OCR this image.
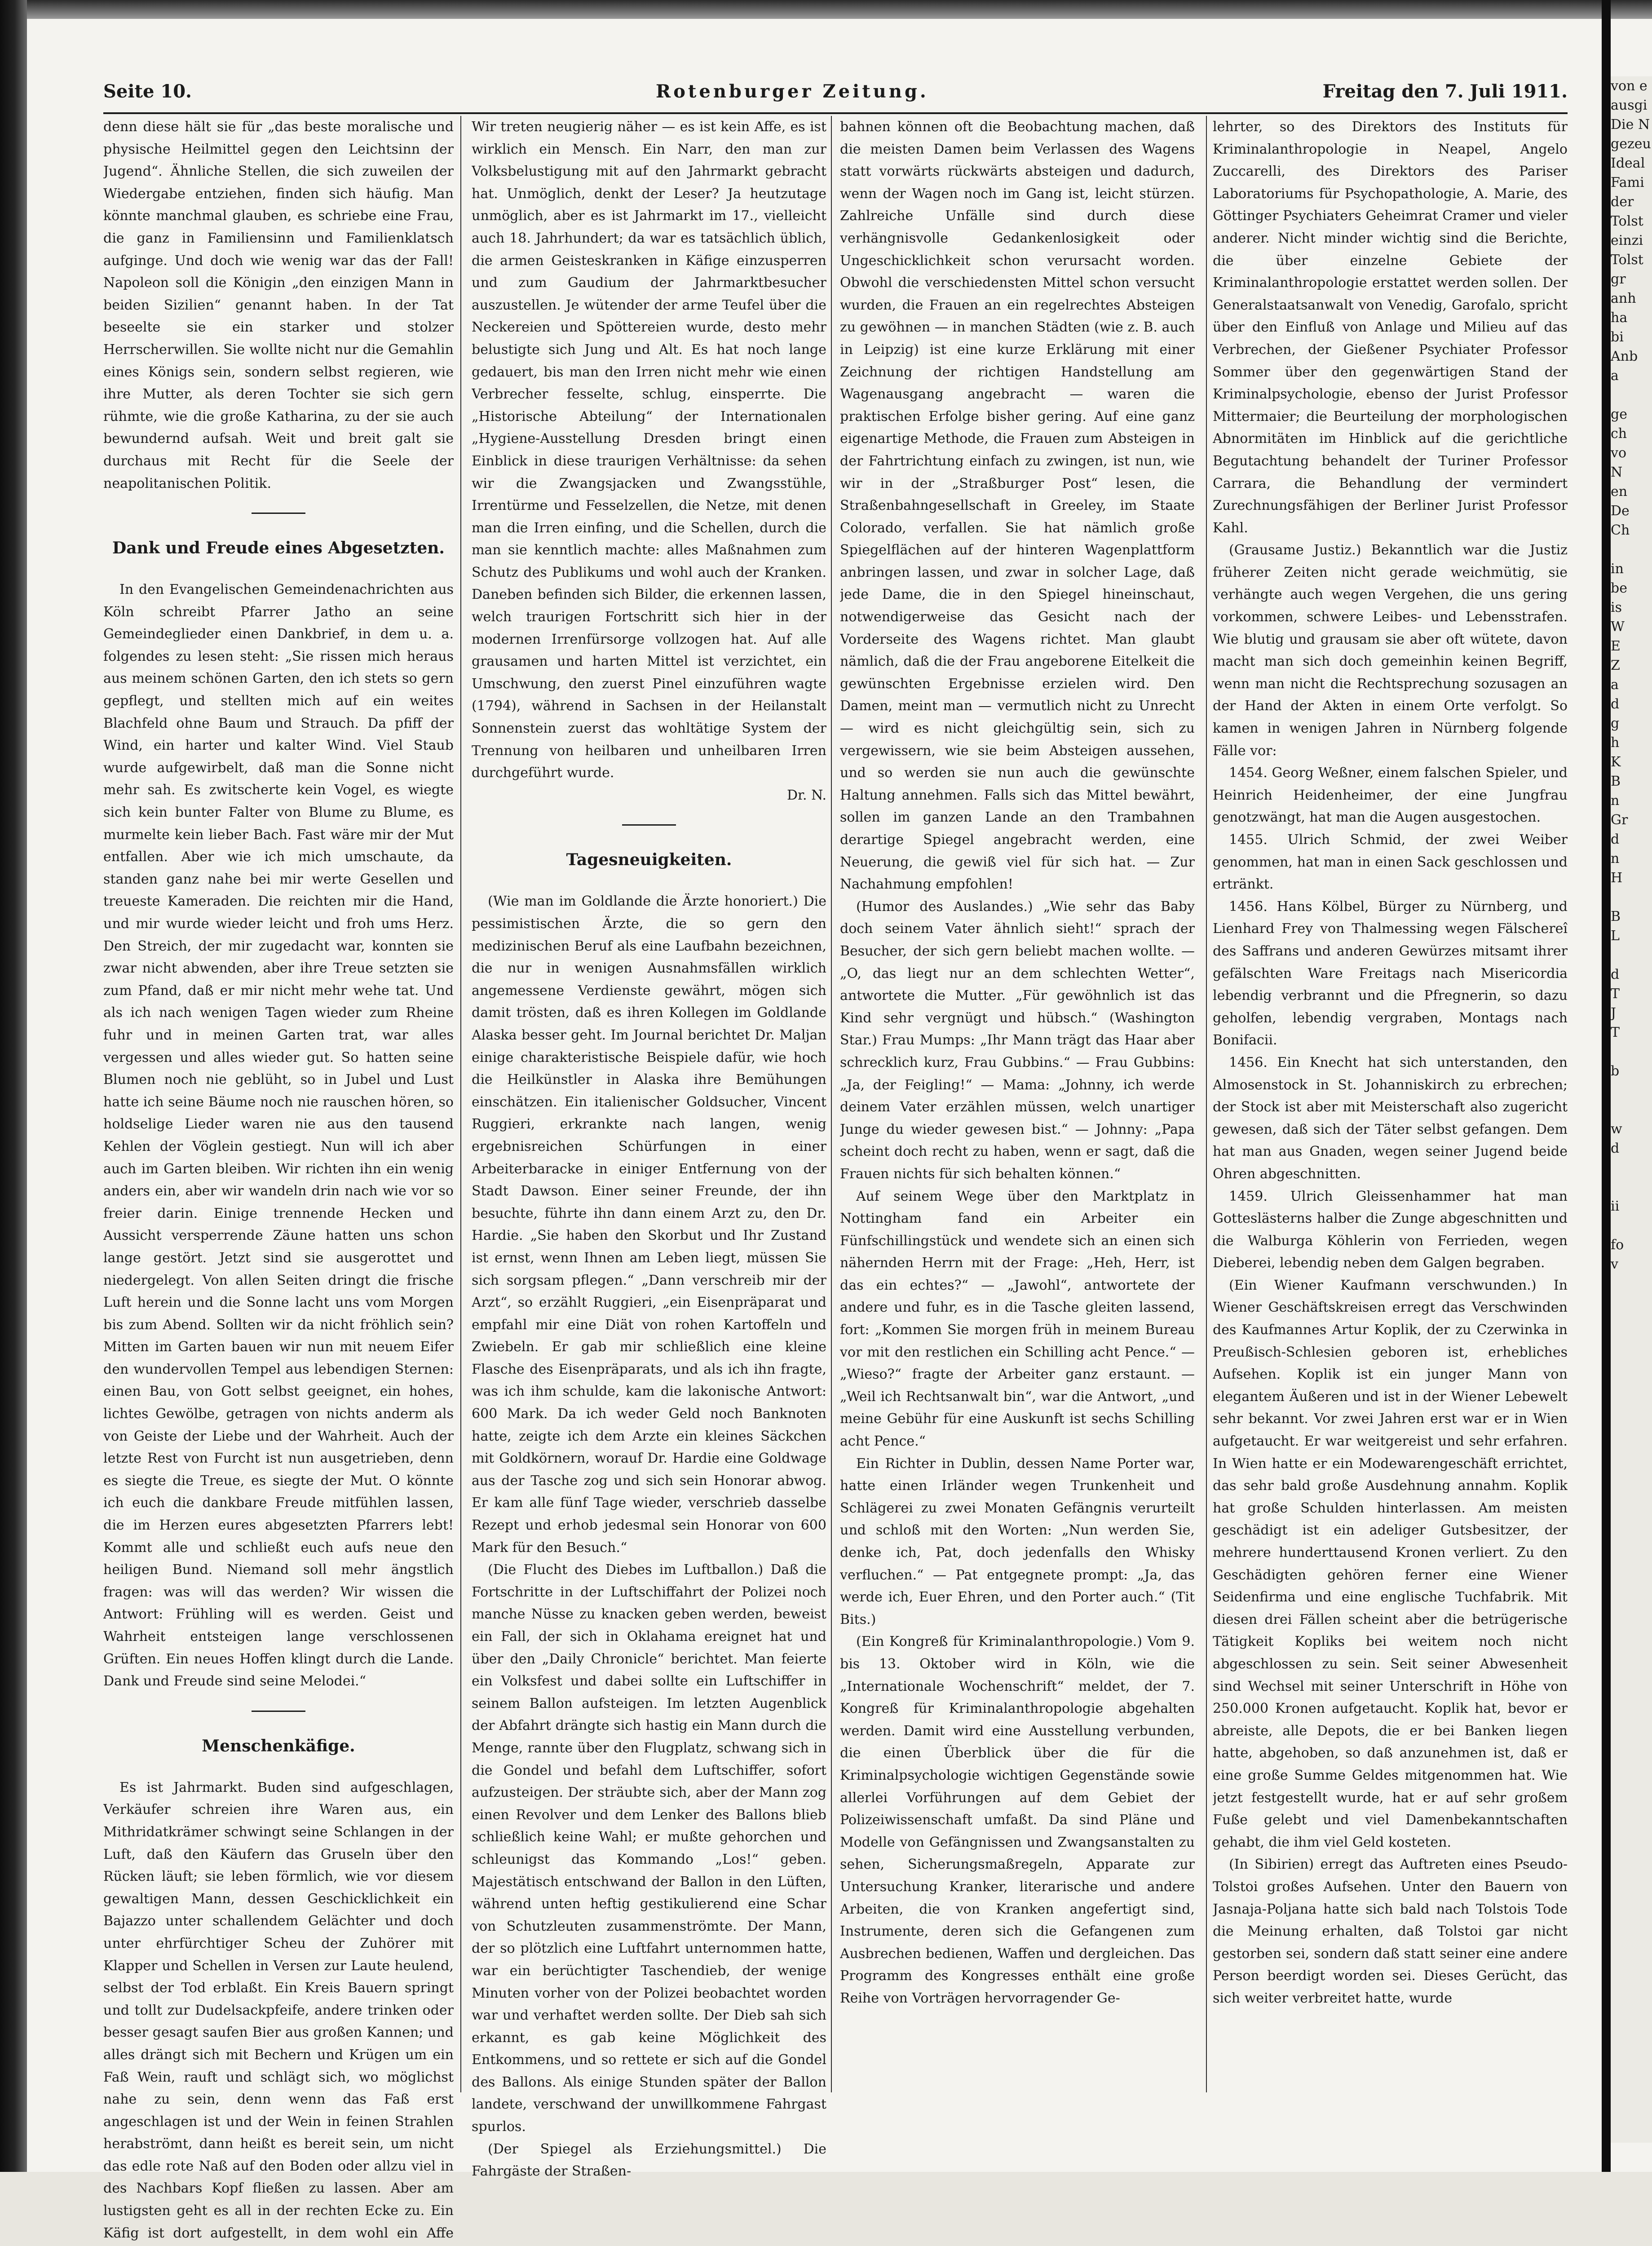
Seite 10.	Rotenburger Zeitung.	Freitag den 7. Juli 1911.

denn diese hält sie für „das beste moralische und physische Heilmittel gegen den Leichtsinn der Jugend“. Ähnliche Stellen, die sich zuweilen der Wiedergabe entziehen, finden sich häufig. Man könnte manchmal glauben, es schriebe eine Frau, die ganz in Familiensinn und Familienklatsch aufginge. Und doch wie wenig war das der Fall! Napoleon soll die Königin „den einzigen Mann in beiden Sizilien“ genannt haben. In der Tat beseelte sie ein starker und stolzer Herrscherwillen. Sie wollte nicht nur die Gemahlin eines Königs sein, sondern selbst regieren, wie ihre Mutter, als deren Tochter sie sich gern rühmte, wie die große Katharina, zu der sie auch bewundernd aufsah. Weit und breit galt sie durchaus mit Recht für die Seele der neapolitanischen Politik.

Dank und Freude eines Abgesetzten.

In den Evangelischen Gemeindenachrichten aus Köln schreibt Pfarrer Jatho an seine Gemeindeglieder einen Dankbrief, in dem u. a. folgendes zu lesen steht: „Sie rissen mich heraus aus meinem schönen Garten, den ich stets so gern gepflegt, und stellten mich auf ein weites Blachfeld ohne Baum und Strauch. Da pfiff der Wind, ein harter und kalter Wind. Viel Staub wurde aufgewirbelt, daß man die Sonne nicht mehr sah. Es zwitscherte kein Vogel, es wiegte sich kein bunter Falter von Blume zu Blume, es murmelte kein lieber Bach. Fast wäre mir der Mut entfallen. Aber wie ich mich umschaute, da standen ganz nahe bei mir werte Gesellen und treueste Kameraden. Die reichten mir die Hand, und mir wurde wieder leicht und froh ums Herz. Den Streich, der mir zugedacht war, konnten sie zwar nicht abwenden, aber ihre Treue setzten sie zum Pfand, daß er mir nicht mehr wehe tat. Und als ich nach wenigen Tagen wieder zum Rheine fuhr und in meinen Garten trat, war alles vergessen und alles wieder gut. So hatten seine Blumen noch nie geblüht, so in Jubel und Lust hatte ich seine Bäume noch nie rauschen hören, so holdselige Lieder waren nie aus den tausend Kehlen der Vöglein gestiegt. Nun will ich aber auch im Garten bleiben. Wir richten ihn ein wenig anders ein, aber wir wandeln drin nach wie vor so freier darin. Einige trennende Hecken und Aussicht versperrende Zäune hatten uns schon lange gestört. Jetzt sind sie ausgerottet und niedergelegt. Von allen Seiten dringt die frische Luft herein und die Sonne lacht uns vom Morgen bis zum Abend. Sollten wir da nicht fröhlich sein? Mitten im Garten bauen wir nun mit neuem Eifer den wundervollen Tempel aus lebendigen Sternen: einen Bau, von Gott selbst geeignet, ein hohes, lichtes Gewölbe, getragen von nichts anderm als von Geiste der Liebe und der Wahrheit. Auch der letzte Rest von Furcht ist nun ausgetrieben, denn es siegte die Treue, es siegte der Mut. O könnte ich euch die dankbare Freude mitfühlen lassen, die im Herzen eures abgesetzten Pfarrers lebt! Kommt alle und schließt euch aufs neue den heiligen Bund. Niemand soll mehr ängstlich fragen: was will das werden? Wir wissen die Antwort: Frühling will es werden. Geist und Wahrheit entsteigen lange verschlossenen Grüften. Ein neues Hoffen klingt durch die Lande. Dank und Freude sind seine Melodei.“

Menschenkäfige.

Es ist Jahrmarkt. Buden sind aufgeschlagen, Verkäufer schreien ihre Waren aus, ein Mithridatkrämer schwingt seine Schlangen in der Luft, daß den Käufern das Gruseln über den Rücken läuft; sie leben förmlich, wie vor diesem gewaltigen Mann, dessen Geschicklichkeit ein Bajazzo unter schallendem Gelächter und doch unter ehrfürchtiger Scheu der Zuhörer mit Klapper und Schellen in Versen zur Laute heulend, selbst der Tod erblaßt. Ein Kreis Bauern springt und tollt zur Dudelsackpfeife, andere trinken oder besser gesagt saufen Bier aus großen Kannen; und alles drängt sich mit Bechern und Krügen um ein Faß Wein, rauft und schlägt sich, wo möglichst nahe zu sein, denn wenn das Faß erst angeschlagen ist und der Wein in feinen Strahlen herabströmt, dann heißt es bereit sein, um nicht das edle rote Naß auf den Boden oder allzu viel in des Nachbars Kopf fließen zu lassen. Aber am lustigsten geht es all in der rechten Ecke zu. Ein Käfig ist dort aufgestellt, in dem wohl ein Affe

Wir treten neugierig näher — es ist kein Affe, es ist wirklich ein Mensch. Ein Narr, den man zur Volksbelustigung mit auf den Jahrmarkt gebracht hat. Unmöglich, denkt der Leser? Ja heutzutage unmöglich, aber es ist Jahrmarkt im 17., vielleicht auch 18. Jahrhundert; da war es tatsächlich üblich, die armen Geisteskranken in Käfige einzusperren und zum Gaudium der Jahrmarktbesucher auszustellen. Je wütender der arme Teufel über die Neckereien und Spöttereien wurde, desto mehr belustigte sich Jung und Alt. Es hat noch lange gedauert, bis man den Irren nicht mehr wie einen Verbrecher fesselte, schlug, einsperrte. Die „Historische Abteilung“ der Internationalen „Hygiene-Ausstellung Dresden bringt einen Einblick in diese traurigen Verhältnisse: da sehen wir die Zwangsjacken und Zwangsstühle, Irrentürme und Fesselzellen, die Netze, mit denen man die Irren einfing, und die Schellen, durch die man sie kenntlich machte: alles Maßnahmen zum Schutz des Publikums und wohl auch der Kranken. Daneben befinden sich Bilder, die erkennen lassen, welch traurigen Fortschritt sich hier in der modernen Irrenfürsorge vollzogen hat. Auf alle grausamen und harten Mittel ist verzichtet, ein Umschwung, den zuerst Pinel einzuführen wagte (1794), während in Sachsen in der Heilanstalt Sonnenstein zuerst das wohltätige System der Trennung von heilbaren und unheilbaren Irren durchgeführt wurde.

Dr. N.

Tagesneuigkeiten.

(Wie man im Goldlande die Ärzte honoriert.) Die pessimistischen Ärzte, die so gern den medizinischen Beruf als eine Laufbahn bezeichnen, die nur in wenigen Ausnahmsfällen wirklich angemessene Verdienste gewährt, mögen sich damit trösten, daß es ihren Kollegen im Goldlande Alaska besser geht. Im Journal berichtet Dr. Maljan einige charakteristische Beispiele dafür, wie hoch die Heilkünstler in Alaska ihre Bemühungen einschätzen. Ein italienischer Goldsucher, Vincent Ruggieri, erkrankte nach langen, wenig ergebnisreichen Schürfungen in einer Arbeiterbaracke in einiger Entfernung von der Stadt Dawson. Einer seiner Freunde, der ihn besuchte, führte ihn dann einem Arzt zu, den Dr. Hardie. „Sie haben den Skorbut und Ihr Zustand ist ernst, wenn Ihnen am Leben liegt, müssen Sie sich sorgsam pflegen.“ „Dann verschreib mir der Arzt“, so erzählt Ruggieri, „ein Eisenpräparat und empfahl mir eine Diät von rohen Kartoffeln und Zwiebeln. Er gab mir schließlich eine kleine Flasche des Eisenpräparats, und als ich ihn fragte, was ich ihm schulde, kam die lakonische Antwort: 600 Mark. Da ich weder Geld noch Banknoten hatte, zeigte ich dem Arzte ein kleines Säckchen mit Goldkörnern, worauf Dr. Hardie eine Goldwage aus der Tasche zog und sich sein Honorar abwog. Er kam alle fünf Tage wieder, verschrieb dasselbe Rezept und erhob jedesmal sein Honorar von 600 Mark für den Besuch.“

(Die Flucht des Diebes im Luftballon.) Daß die Fortschritte in der Luftschiffahrt der Polizei noch manche Nüsse zu knacken geben werden, beweist ein Fall, der sich in Oklahama ereignet hat und über den „Daily Chronicle“ berichtet. Man feierte ein Volksfest und dabei sollte ein Luftschiffer in seinem Ballon aufsteigen. Im letzten Augenblick der Abfahrt drängte sich hastig ein Mann durch die Menge, rannte über den Flugplatz, schwang sich in die Gondel und befahl dem Luftschiffer, sofort aufzusteigen. Der sträubte sich, aber der Mann zog einen Revolver und dem Lenker des Ballons blieb schließlich keine Wahl; er mußte gehorchen und schleunigst das Kommando „Los!“ geben. Majestätisch entschwand der Ballon in den Lüften, während unten heftig gestikulierend eine Schar von Schutzleuten zusammenströmte. Der Mann, der so plötzlich eine Luftfahrt unternommen hatte, war ein berüchtigter Taschendieb, der wenige Minuten vorher von der Polizei beobachtet worden war und verhaftet werden sollte. Der Dieb sah sich erkannt, es gab keine Möglichkeit des Entkommens, und so rettete er sich auf die Gondel des Ballons. Als einige Stunden später der Ballon landete, verschwand der unwillkommene Fahrgast spurlos.

(Der Spiegel als Erziehungsmittel.) Die Fahrgäste der Straßen-

bahnen können oft die Beobachtung machen, daß die meisten Damen beim Verlassen des Wagens statt vorwärts rückwärts absteigen und dadurch, wenn der Wagen noch im Gang ist, leicht stürzen. Zahlreiche Unfälle sind durch diese verhängnisvolle Gedankenlosigkeit oder Ungeschicklichkeit schon verursacht worden. Obwohl die verschiedensten Mittel schon versucht wurden, die Frauen an ein regelrechtes Absteigen zu gewöhnen — in manchen Städten (wie z. B. auch in Leipzig) ist eine kurze Erklärung mit einer Zeichnung der richtigen Handstellung am Wagenausgang angebracht — waren die praktischen Erfolge bisher gering. Auf eine ganz eigenartige Methode, die Frauen zum Absteigen in der Fahrtrichtung einfach zu zwingen, ist nun, wie wir in der „Straßburger Post“ lesen, die Straßenbahngesellschaft in Greeley, im Staate Colorado, verfallen. Sie hat nämlich große Spiegelflächen auf der hinteren Wagenplattform anbringen lassen, und zwar in solcher Lage, daß jede Dame, die in den Spiegel hineinschaut, notwendigerweise das Gesicht nach der Vorderseite des Wagens richtet. Man glaubt nämlich, daß die der Frau angeborene Eitelkeit die gewünschten Ergebnisse erzielen wird. Den Damen, meint man — vermutlich nicht zu Unrecht — wird es nicht gleichgültig sein, sich zu vergewissern, wie sie beim Absteigen aussehen, und so werden sie nun auch die gewünschte Haltung annehmen. Falls sich das Mittel bewährt, sollen im ganzen Lande an den Trambahnen derartige Spiegel angebracht werden, eine Neuerung, die gewiß viel für sich hat. — Zur Nachahmung empfohlen!

(Humor des Auslandes.) „Wie sehr das Baby doch seinem Vater ähnlich sieht!“ sprach der Besucher, der sich gern beliebt machen wollte. — „O, das liegt nur an dem schlechten Wetter“, antwortete die Mutter. „Für gewöhnlich ist das Kind sehr vergnügt und hübsch.“ (Washington Star.) Frau Mumps: „Ihr Mann trägt das Haar aber schrecklich kurz, Frau Gubbins.“ — Frau Gubbins: „Ja, der Feigling!“ — Mama: „Johnny, ich werde deinem Vater erzählen müssen, welch unartiger Junge du wieder gewesen bist.“ — Johnny: „Papa scheint doch recht zu haben, wenn er sagt, daß die Frauen nichts für sich behalten können.“

Auf seinem Wege über den Marktplatz in Nottingham fand ein Arbeiter ein Fünfschillingstück und wendete sich an einen sich nähernden Herrn mit der Frage: „Heh, Herr, ist das ein echtes?“ — „Jawohl“, antwortete der andere und fuhr, es in die Tasche gleiten lassend, fort: „Kommen Sie morgen früh in meinem Bureau vor mit den restlichen ein Schilling acht Pence.“ — „Wieso?“ fragte der Arbeiter ganz erstaunt. — „Weil ich Rechtsanwalt bin“, war die Antwort, „und meine Gebühr für eine Auskunft ist sechs Schilling acht Pence.“

Ein Richter in Dublin, dessen Name Porter war, hatte einen Irländer wegen Trunkenheit und Schlägerei zu zwei Monaten Gefängnis verurteilt und schloß mit den Worten: „Nun werden Sie, denke ich, Pat, doch jedenfalls den Whisky verfluchen.“ — Pat entgegnete prompt: „Ja, das werde ich, Euer Ehren, und den Porter auch.“ (Tit Bits.)

(Ein Kongreß für Kriminalanthropologie.) Vom 9. bis 13. Oktober wird in Köln, wie die „Internationale Wochenschrift“ meldet, der 7. Kongreß für Kriminalanthropologie abgehalten werden. Damit wird eine Ausstellung verbunden, die einen Überblick über die für die Kriminalpsychologie wichtigen Gegenstände sowie allerlei Vorführungen auf dem Gebiet der Polizeiwissenschaft umfaßt. Da sind Pläne und Modelle von Gefängnissen und Zwangsanstalten zu sehen, Sicherungsmaßregeln, Apparate zur Untersuchung Kranker, literarische und andere Arbeiten, die von Kranken angefertigt sind, Instrumente, deren sich die Gefangenen zum Ausbrechen bedienen, Waffen und dergleichen. Das Programm des Kongresses enthält eine große Reihe von Vorträgen hervorragender Ge-

lehrter, so des Direktors des Instituts für Kriminalanthropologie in Neapel, Angelo Zuccarelli, des Direktors des Pariser Laboratoriums für Psychopathologie, A. Marie, des Göttinger Psychiaters Geheimrat Cramer und vieler anderer. Nicht minder wichtig sind die Berichte, die über einzelne Gebiete der Kriminalanthropologie erstattet werden sollen. Der Generalstaatsanwalt von Venedig, Garofalo, spricht über den Einfluß von Anlage und Milieu auf das Verbrechen, der Gießener Psychiater Professor Sommer über den gegenwärtigen Stand der Kriminalpsychologie, ebenso der Jurist Professor Mittermaier; die Beurteilung der morphologischen Abnormitäten im Hinblick auf die gerichtliche Begutachtung behandelt der Turiner Professor Carrara, die Behandlung der vermindert Zurechnungsfähigen der Berliner Jurist Professor Kahl.

(Grausame Justiz.) Bekanntlich war die Justiz früherer Zeiten nicht gerade weichmütig, sie verhängte auch wegen Vergehen, die uns gering vorkommen, schwere Leibes- und Lebensstrafen. Wie blutig und grausam sie aber oft wütete, davon macht man sich doch gemeinhin keinen Begriff, wenn man nicht die Rechtsprechung sozusagen an der Hand der Akten in einem Orte verfolgt. So kamen in wenigen Jahren in Nürnberg folgende Fälle vor:

1454. Georg Weßner, einem falschen Spieler, und Heinrich Heidenheimer, der eine Jungfrau genotzwängt, hat man die Augen ausgestochen.

1455. Ulrich Schmid, der zwei Weiber genommen, hat man in einen Sack geschlossen und ertränkt.

1456. Hans Kölbel, Bürger zu Nürnberg, und Lienhard Frey von Thalmessing wegen Fälschereî des Saffrans und anderen Gewürzes mitsamt ihrer gefälschten Ware Freitags nach Misericordia lebendig verbrannt und die Pfregnerin, so dazu geholfen, lebendig vergraben, Montags nach Bonifacii.

1456. Ein Knecht hat sich unterstanden, den Almosenstock in St. Johanniskirch zu erbrechen; der Stock ist aber mit Meisterschaft also zugericht gewesen, daß sich der Täter selbst gefangen. Dem hat man aus Gnaden, wegen seiner Jugend beide Ohren abgeschnitten.

1459. Ulrich Gleissenhammer hat man Gotteslästerns halber die Zunge abgeschnitten und die Walburga Köhlerin von Ferrieden, wegen Dieberei, lebendig neben dem Galgen begraben.

(Ein Wiener Kaufmann verschwunden.) In Wiener Geschäftskreisen erregt das Verschwinden des Kaufmannes Artur Koplik, der zu Czerwinka in Preußisch-Schlesien geboren ist, erhebliches Aufsehen. Koplik ist ein junger Mann von elegantem Äußeren und ist in der Wiener Lebewelt sehr bekannt. Vor zwei Jahren erst war er in Wien aufgetaucht. Er war weitgereist und sehr erfahren. In Wien hatte er ein Modewarengeschäft errichtet, das sehr bald große Ausdehnung annahm. Koplik hat große Schulden hinterlassen. Am meisten geschädigt ist ein adeliger Gutsbesitzer, der mehrere hunderttausend Kronen verliert. Zu den Geschädigten gehören ferner eine Wiener Seidenfirma und eine englische Tuchfabrik. Mit diesen drei Fällen scheint aber die betrügerische Tätigkeit Kopliks bei weitem noch nicht abgeschlossen zu sein. Seit seiner Abwesenheit sind Wechsel mit seiner Unterschrift in Höhe von 250.000 Kronen aufgetaucht. Koplik hat, bevor er abreiste, alle Depots, die er bei Banken liegen hatte, abgehoben, so daß anzunehmen ist, daß er eine große Summe Geldes mitgenommen hat. Wie jetzt festgestellt wurde, hat er auf sehr großem Fuße gelebt und viel Damenbekanntschaften gehabt, die ihm viel Geld kosteten.

(In Sibirien) erregt das Auftreten eines Pseudo-Tolstoi großes Aufsehen. Unter den Bauern von Jasnaja-Poljana hatte sich bald nach Tolstois Tode die Meinung erhalten, daß Tolstoi gar nicht gestorben sei, sondern daß statt seiner eine andere Person beerdigt worden sei. Dieses Gerücht, das sich weiter verbreitet hatte, wurde

von e

ausgi

Die N

gezeu

Ideal

Fami

der

Tolst

einzi

Tolst

gr

anh

ha

bi

Anb

a

ge

ch

vo

N

en

De

Ch

in

be

is

W

E

Z

a

d

g

h

K

B

n

Gr

d

n

H

B

L

d

T

J

T

b

w

d

ii

fo

v
